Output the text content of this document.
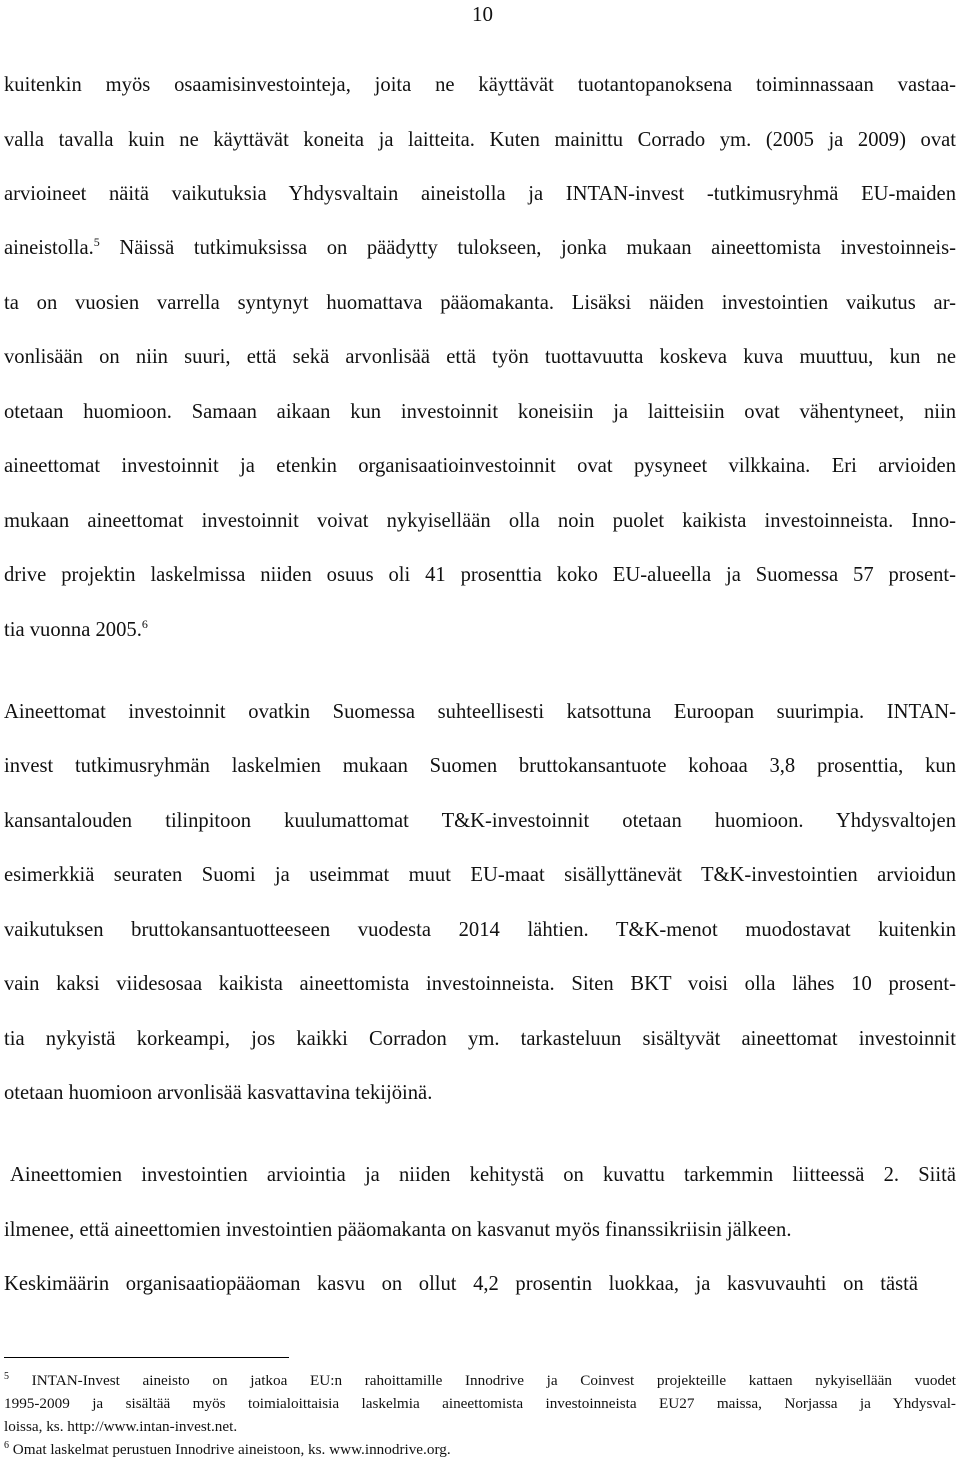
10
kuitenkin myös osaamisinvestointeja, joita ne käyttävät tuotantopanoksena toiminnassaan vastaa-
valla tavalla kuin ne käyttävät koneita ja laitteita. Kuten mainittu Corrado ym. (2005 ja 2009) ovat
arvioineet näitä vaikutuksia Yhdysvaltain aineistolla ja INTAN-invest -tutkimusryhmä EU-maiden
aineistolla.$^5$ Näissä tutkimuksissa on päädytty tulokseen, jonka mukaan aineettomista investoinneis-
ta on vuosien varrella syntynyt huomattava pääomakanta. Lisäksi näiden investointien vaikutus ar-
vonlisään on niin suuri, että sekä arvonlisää että työn tuottavuutta koskeva kuva muuttuu, kun ne
otetaan huomioon. Samaan aikaan kun investoinnit koneisiin ja laitteisiin ovat vähentyneet, niin
aineettomat investoinnit ja etenkin organisaatioinvestoinnit ovat pysyneet vilkkaina. Eri arvioiden
mukaan aineettomat investoinnit voivat nykyisellään olla noin puolet kaikista investoinneista. Inno-
drive projektin laskelmissa niiden osuus oli 41 prosenttia koko EU-alueella ja Suomessa 57 prosent-
tia vuonna 2005.$^6$
Aineettomat investoinnit ovatkin Suomessa suhteellisesti katsottuna Euroopan suurimpia. INTAN-
invest tutkimusryhmän laskelmien mukaan Suomen bruttokansantuote kohoaa 3,8 prosenttia, kun
kansantalouden tilinpitoon kuulumattomat T&K-investoinnit otetaan huomioon. Yhdysvaltojen
esimerkkiä seuraten Suomi ja useimmat muut EU-maat sisällyttänevät T&K-investointien arvioidun
vaikutuksen bruttokansantuotteeseen vuodesta 2014 lähtien. T&K-menot muodostavat kuitenkin
vain kaksi viidesosaa kaikista aineettomista investoinneista. Siten BKT voisi olla lähes 10 prosent-
tia nykyistä korkeampi, jos kaikki Corradon ym. tarkasteluun sisältyvät aineettomat investoinnit
otetaan huomioon arvonlisää kasvattavina tekijöinä.
Aineettomien investointien arviointia ja niiden kehitystä on kuvattu tarkemmin liitteessä 2. Siitä
ilmenee, että aineettomien investointien pääomakanta on kasvanut myös finanssikriisin jälkeen.
Keskimäärin organisaatiopääoman kasvu on ollut 4,2 prosentin luokkaa, ja kasvuvauhti on tästä
$^5$ INTAN-Invest aineisto on jatkoa EU:n rahoittamille Innodrive ja Coinvest projekteille kattaen nykyisellään vuodet
1995-2009 ja sisältää myös toimialoittaisia laskelmia aineettomista investoinneista EU27 maissa, Norjassa ja Yhdysval-
loissa, ks. http://www.intan-invest.net.
$^6$ Omat laskelmat perustuen Innodrive aineistoon, ks. www.innodrive.org.
